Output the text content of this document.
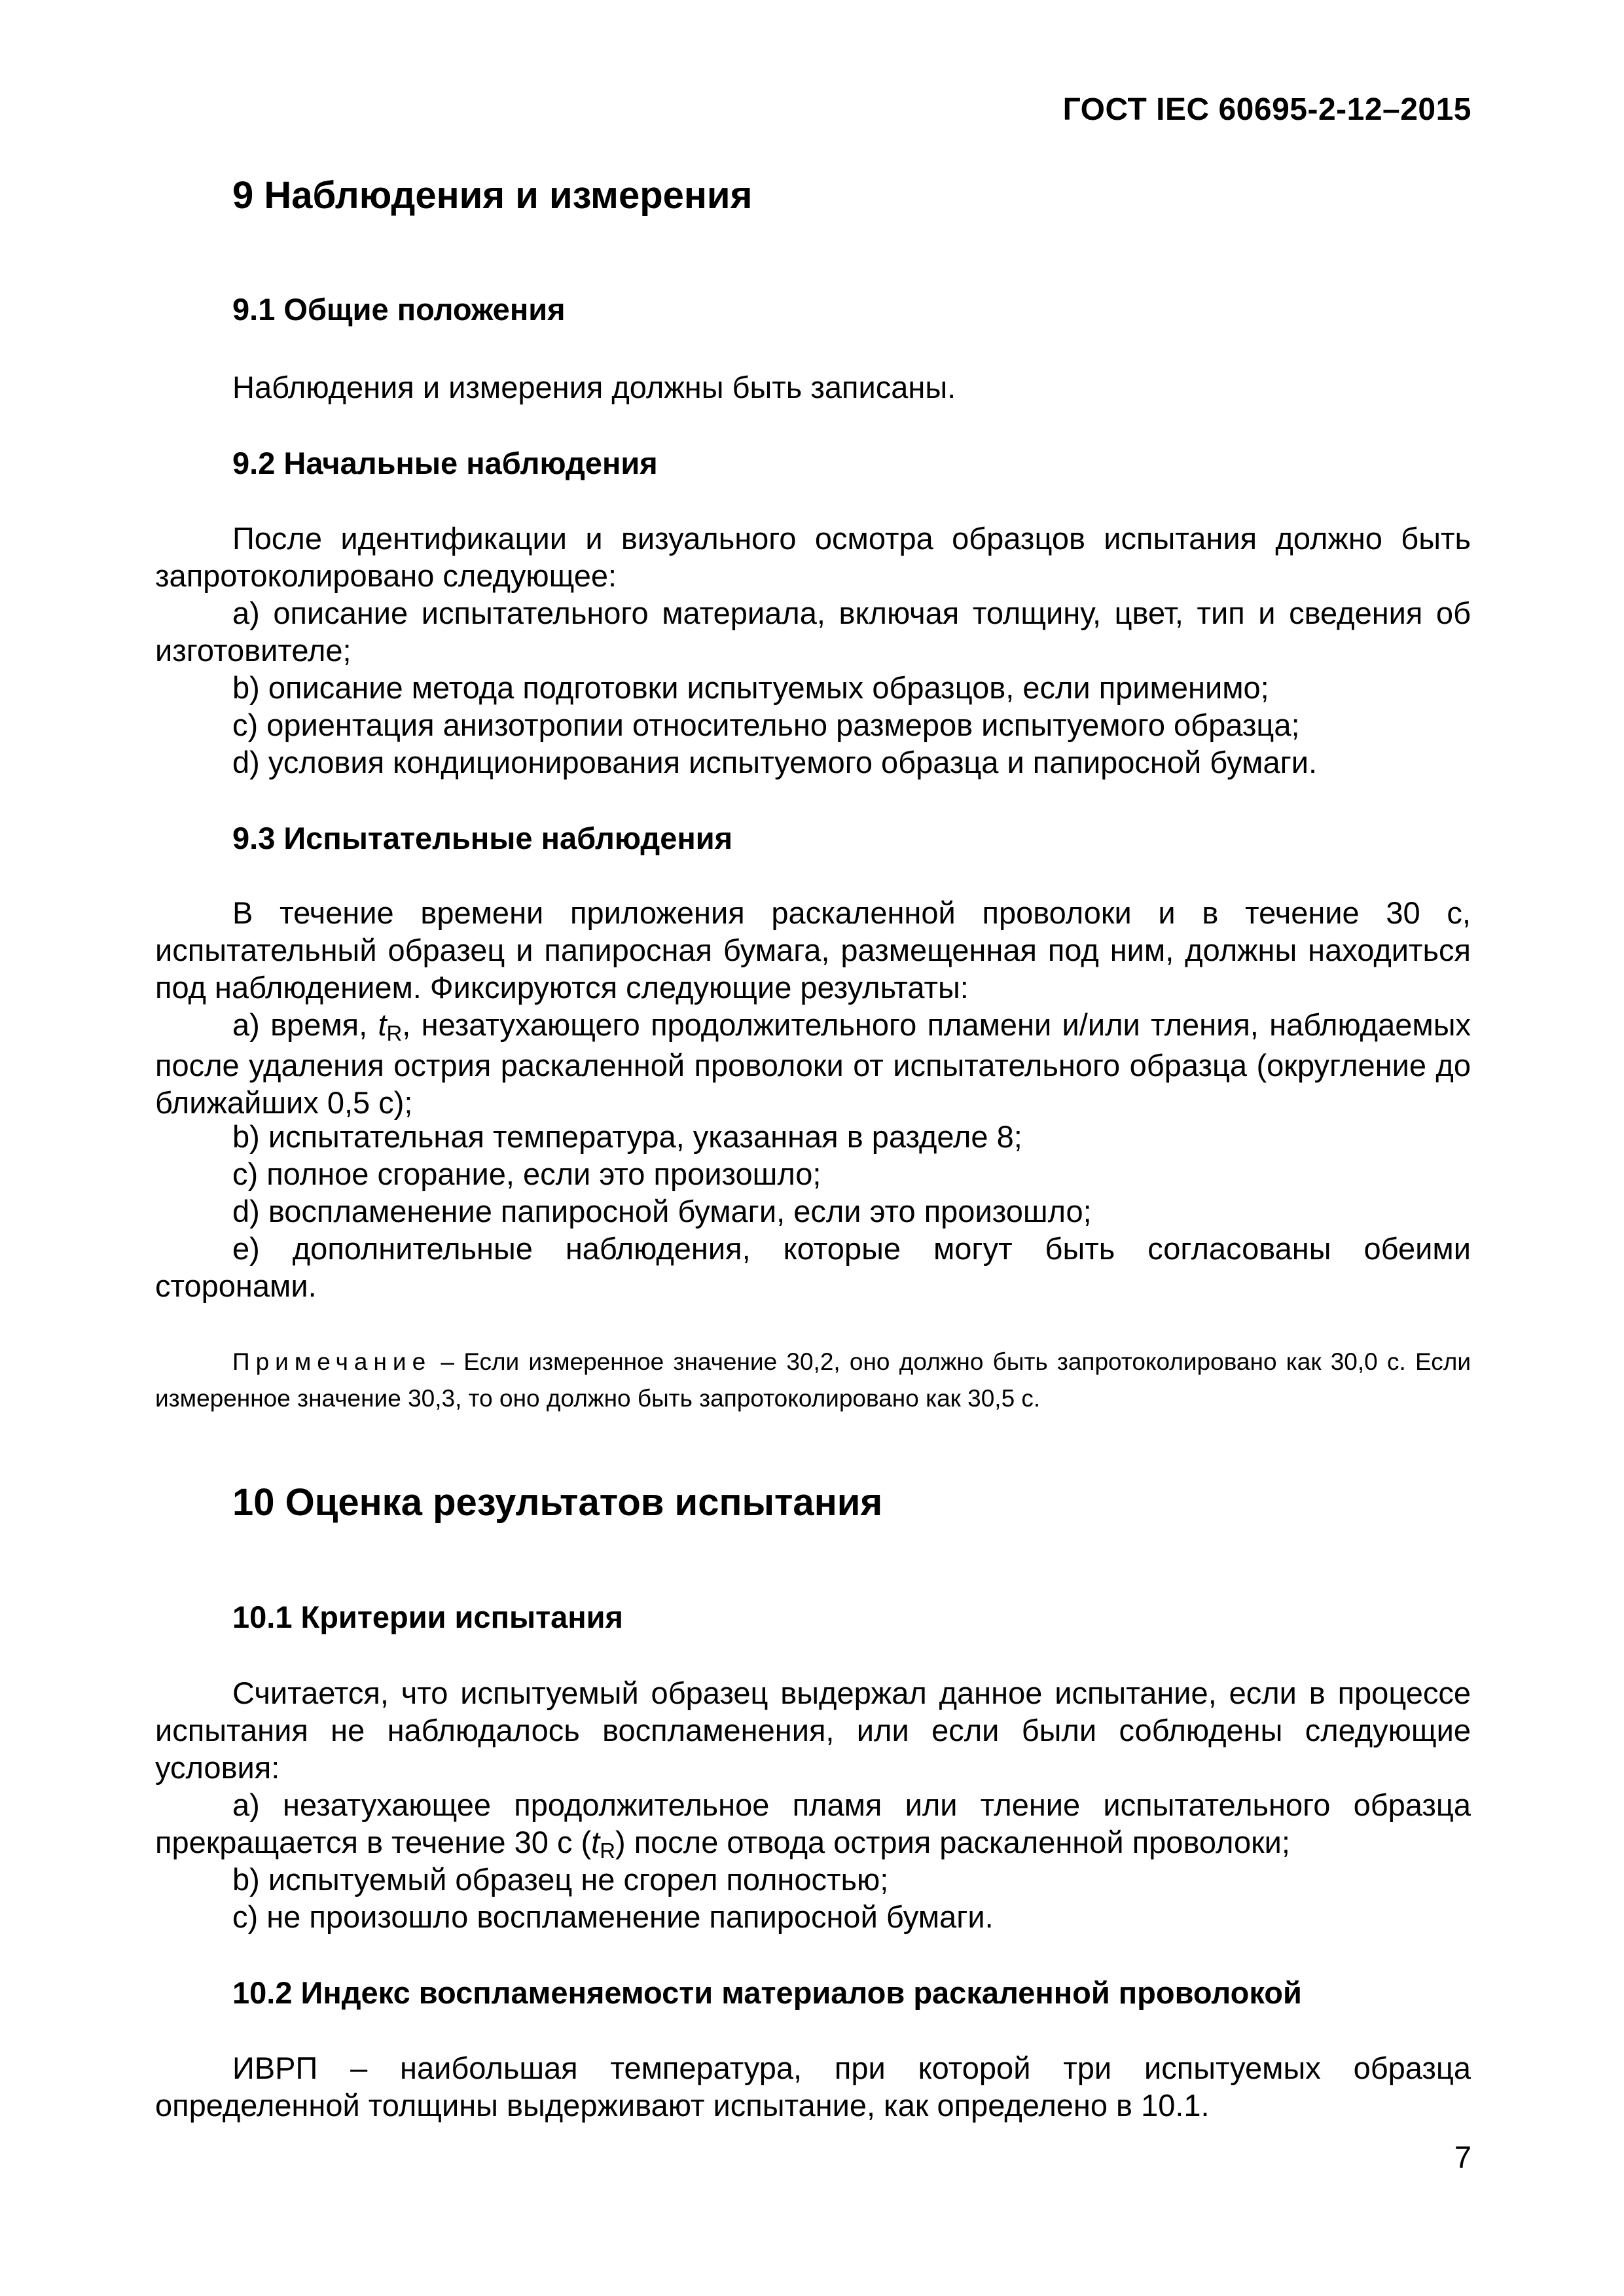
ГОСТ IEC 60695-2-12–2015
9 Наблюдения и измерения
9.1 Общие положения

Наблюдения и измерения должны быть записаны.

9.2 Начальные наблюдения

После идентификации и визуального осмотра образцов испытания должно быть запротоколировано следующее:

a) описание испытательного материала, включая толщину, цвет, тип и сведения об изготовителе;

b) описание метода подготовки испытуемых образцов, если применимо;

c) ориентация анизотропии относительно размеров испытуемого образца;

d) условия кондиционирования испытуемого образца и папиросной бумаги.

9.3 Испытательные наблюдения

В течение времени приложения раскаленной проволоки и в течение 30 с, испытательный образец и папиросная бумага, размещенная под ним, должны находиться под наблюдением. Фиксируются следующие результаты:

a) время, $t_R$, незатухающего продолжительного пламени и/или тления, наблюдаемых после удаления острия раскаленной проволоки от испытательного образца (округление до ближайших 0,5 с);

b) испытательная температура, указанная в разделе 8;

c) полное сгорание, если это произошло;

d) воспламенение папиросной бумаги, если это произошло;

e) дополнительные наблюдения, которые могут быть согласованы обеими сторонами.

Примечание – Если измеренное значение 30,2, оно должно быть запротоколировано как 30,0 с. Если измеренное значение 30,3, то оно должно быть запротоколировано как 30,5 с.

10 Оценка результатов испытания
10.1 Критерии испытания

Считается, что испытуемый образец выдержал данное испытание, если в процессе испытания не наблюдалось воспламенения, или если были соблюдены следующие условия:

a) незатухающее продолжительное пламя или тление испытательного образца прекращается в течение 30 с $(t_R)$ после отвода острия раскаленной проволоки;

b) испытуемый образец не сгорел полностью;

c) не произошло воспламенение папиросной бумаги.

10.2 Индекс воспламеняемости материалов раскаленной проволокой

ИВРП – наибольшая температура, при которой три испытуемых образца определенной толщины выдерживают испытание, как определено в 10.1.

7
